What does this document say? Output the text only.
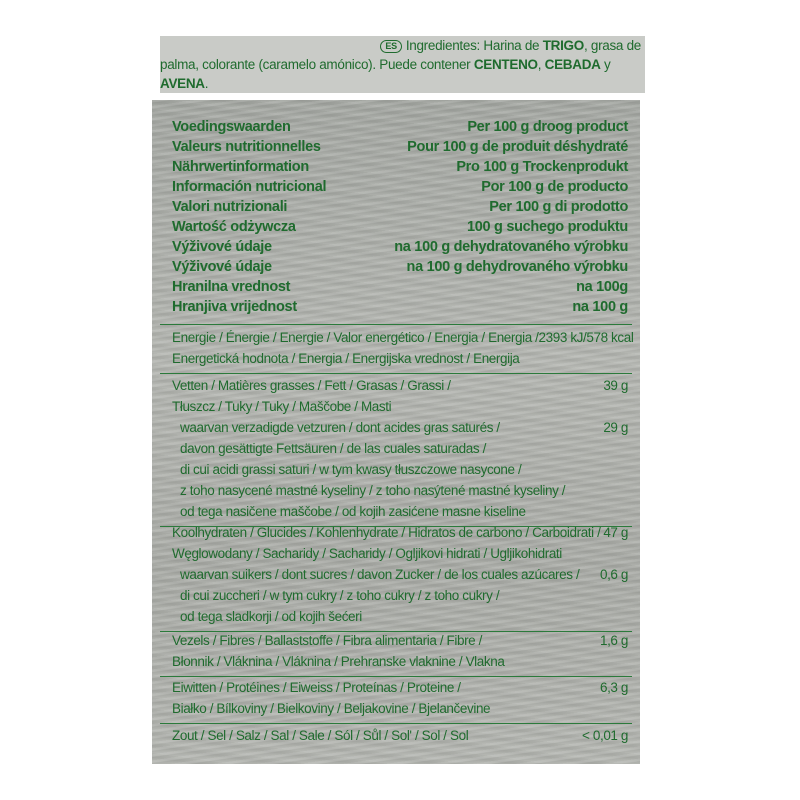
ES Ingredientes: Harina de TRIGO, grasa de
palma, colorante (caramelo amónico). Puede contener CENTENO, CEBADA y AVENA.
Voedingswaarden	Per 100 g droog product
Valeurs nutritionnelles	Pour 100 g de produit déshydraté
Nährwertinformation	Pro 100 g Trockenprodukt
Información nutricional	Por 100 g de producto
Valori nutrizionali	Per 100 g di prodotto
Wartość odżywcza	100 g suchego produktu
Výživové údaje	na 100 g dehydratovaného výrobku
Výživové údaje	na 100 g dehydrovaného výrobku
Hranilna vrednost	na 100g
Hranjiva vrijednost	na 100 g
Energie / Énergie / Energie / Valor energético / Energia / Energia / 2393 kJ/578 kcal
Energetická hodnota / Energia / Energijska vrednost / Energija
Vetten / Matières grasses / Fett / Grasas / Grassi /	39 g
Tłuszcz / Tuky / Tuky / Maščobe / Masti
waarvan verzadigde vetzuren / dont acides gras saturés /	29 g
davon gesättigte Fettsäuren / de las cuales saturadas /
di cui acidi grassi saturi / w tym kwasy tłuszczowe nasycone /
z toho nasycené mastné kyseliny / z toho nasýtené mastné kyseliny /
od tega nasičene maščobe / od kojih zasićene masne kiseline
Koolhydraten / Glucides / Kohlenhydrate / Hidratos de carbono / Carboidrati / 47 g
Węglowodany / Sacharidy / Sacharidy / Ogljikovi hidrati / Ugljikohidrati
waarvan suikers / dont sucres / davon Zucker / de los cuales azúcares / 0,6 g
di cui zuccheri / w tym cukry / z toho cukry / z toho cukry /
od tega sladkorji / od kojih šećeri
Vezels / Fibres / Ballaststoffe / Fibra alimentaria / Fibre /	1,6 g
Błonnik / Vláknina / Vláknina / Prehranske vlaknine / Vlakna
Eiwitten / Protéines / Eiweiss / Proteínas / Proteine /	6,3 g
Białko / Bílkoviny / Bielkoviny / Beljakovine / Bjelančevine
Zout / Sel / Salz / Sal / Sale / Sól / Sůl / Sol' / Sol / Sol	< 0,01 g
